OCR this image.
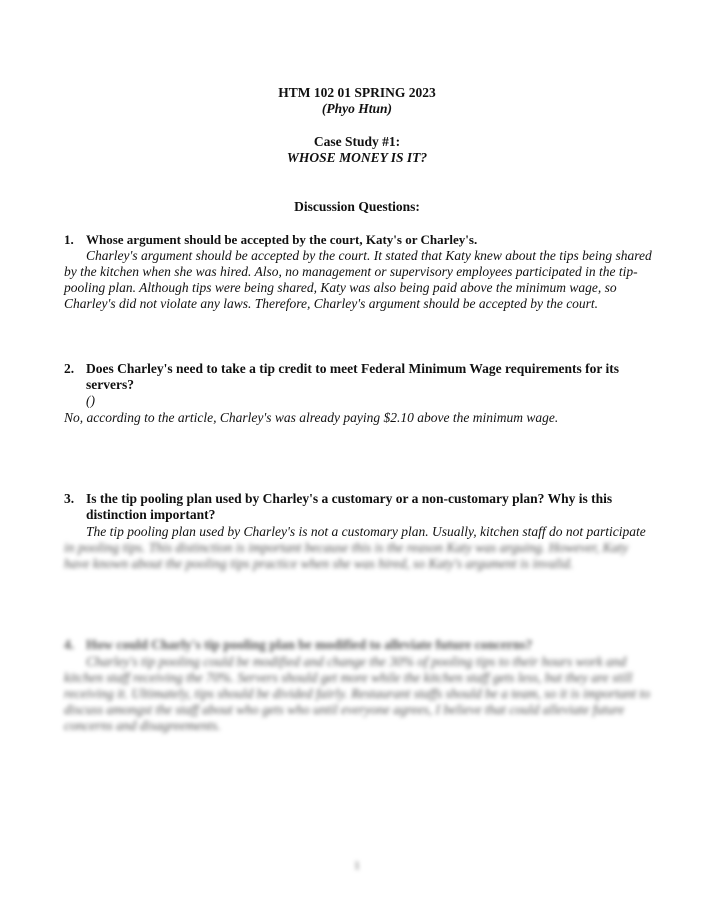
HTM 102 01 SPRING 2023
(Phyo Htun)
Case Study #1:
WHOSE MONEY IS IT?
Discussion Questions:
1. Whose argument should be accepted by the court, Katy's or Charley's.
Charley's argument should be accepted by the court. It stated that Katy knew about the tips being shared by the kitchen when she was hired. Also, no management or supervisory employees participated in the tip-pooling plan. Although tips were being shared, Katy was also being paid above the minimum wage, so Charley's did not violate any laws. Therefore, Charley's argument should be accepted by the court.
2. Does Charley's need to take a tip credit to meet Federal Minimum Wage requirements for its servers?
()
No, according to the article, Charley's was already paying $2.10 above the minimum wage.
3. Is the tip pooling plan used by Charley's a customary or a non-customary plan? Why is this distinction important?
The tip pooling plan used by Charley's is not a customary plan. Usually, kitchen staff do not participate
in pooling tips. This distinction is important because this is the reason Katy was arguing. However, Katy have known about the pooling tips practice when she was hired, so Katy's argument is invalid.
4. How could Charly's tip pooling plan be modified to alleviate future concerns?
Charley's tip pooling could be modified and change the 30% of pooling tips to their hours work and kitchen staff receiving the 70%. Servers should get more while the kitchen staff gets less, but they are still receiving it. Ultimately, tips should be divided fairly. Restaurant staffs should be a team, so it is important to discuss amongst the staff about who gets who until everyone agrees, I believe that could alleviate future concerns and disagreements.
1
